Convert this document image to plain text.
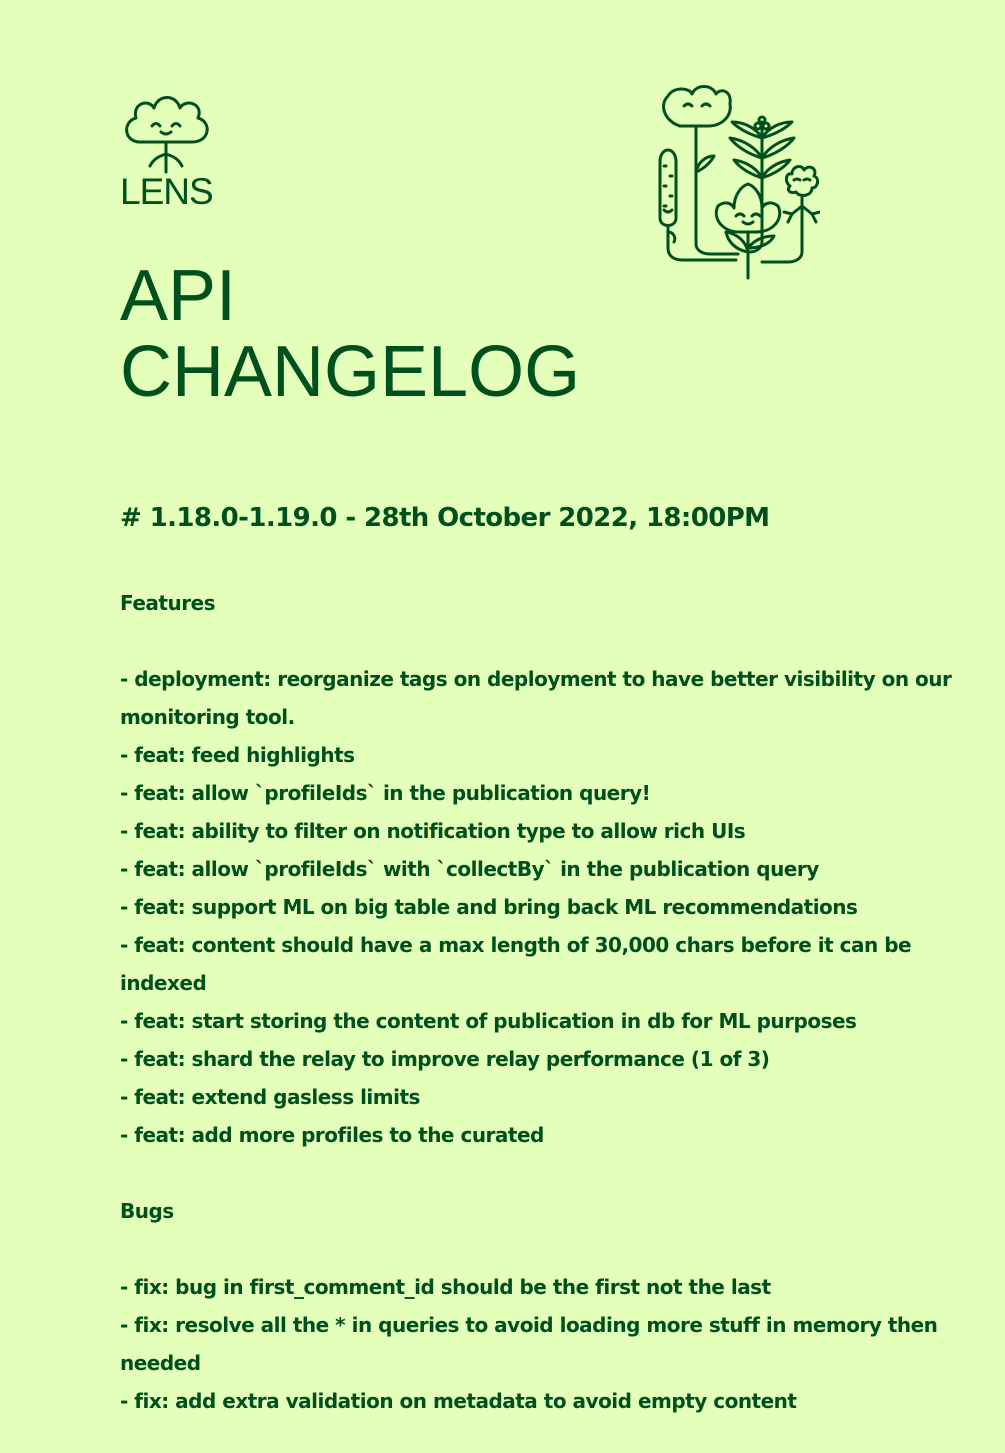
LENS
API
CHANGELOG
# 1.18.0-1.19.0 - 28th October 2022, 18:00PM

Features

- deployment: reorganize tags on deployment to have better visibility on our monitoring tool.
- feat: feed highlights
- feat: allow `profileIds` in the publication query!
- feat: ability to filter on notification type to allow rich UIs
- feat: allow `profileIds` with `collectBy` in the publication query
- feat: support ML on big table and bring back ML recommendations
- feat: content should have a max length of 30,000 chars before it can be indexed
- feat: start storing the content of publication in db for ML purposes
- feat: shard the relay to improve relay performance (1 of 3)
- feat: extend gasless limits
- feat: add more profiles to the curated

Bugs

- fix: bug in first_comment_id should be the first not the last
- fix: resolve all the * in queries to avoid loading more stuff in memory then needed
- fix: add extra validation on metadata to avoid empty content
